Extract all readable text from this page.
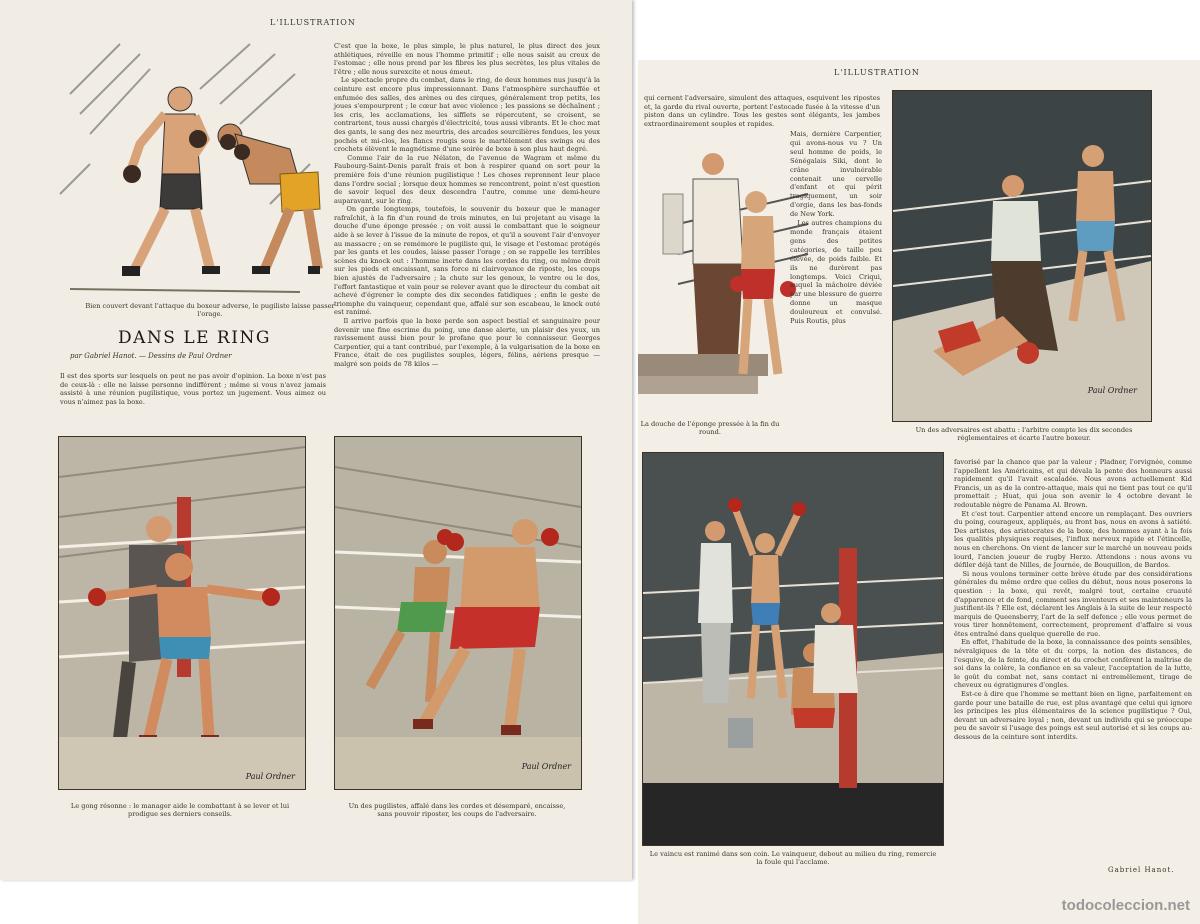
L'ILLUSTRATION
Bien couvert devant l'attaque du boxeur adverse, le pugiliste laisse passer l'orage.
DANS LE RING
par Gabriel Hanot. — Dessins de Paul Ordner
Il est des sports sur lesquels on peut ne pas avoir d'opinion. La boxe n'est pas de ceux-là : elle ne laisse personne indifférent ; même si vous n'avez jamais assisté à une réunion pugilistique, vous portez un jugement. Vous aimez ou vous n'aimez pas la boxe.
C'est que la boxe, le plus simple, le plus naturel, le plus direct des jeux athlétiques, réveille en nous l'homme primitif ; elle nous saisit au creux de l'estomac ; elle nous prend par les fibres les plus secrètes, les plus vitales de l'être ; elle nous surexcite et nous émeut.
Le spectacle propre du combat, dans le ring, de deux hommes nus jusqu'à la ceinture est encore plus impressionnant. Dans l'atmosphère surchauffée et enfumée des salles, des arènes ou des cirques, généralement trop petits, les joues s'empourprent ; le cœur bat avec violence ; les passions se déchaînent ; les cris, les acclamations, les sifflets se répercutent, se croisent, se contrarient, tous aussi chargés d'électricité, tous aussi vibrants. Et le choc mat des gants, le sang des nez meurtris, des arcades sourcilières fendues, les yeux pochés et mi-clos, les flancs rougis sous le martèlement des swings ou des crochets élèvent le magnétisme d'une soirée de boxe à son plus haut degré.
Comme l'air de la rue Nélaton, de l'avenue de Wagram et même du Faubourg-Saint-Denis paraît frais et bon à respirer quand on sort pour la première fois d'une réunion pugilistique ! Les choses reprennent leur place dans l'ordre social ; lorsque deux hommes se rencontrent, point n'est question de savoir lequel des deux descendra l'autre, comme une demi-heure auparavant, sur le ring.
On garde longtemps, toutefois, le souvenir du boxeur que le manager rafraîchit, à la fin d'un round de trois minutes, en lui projetant au visage la douche d'une éponge pressée ; on voit aussi le combattant que le soigneur aide à se lever à l'issue de la minute de repos, et qu'il a souvent l'air d'envoyer au massacre ; on se remémore le pugiliste qui, le visage et l'estomac protégés par les gants et les coudes, laisse passer l'orage ; on se rappelle les terribles scènes du knock out : l'homme inerte dans les cordes du ring, ou même droit sur les pieds et encaissant, sans force ni clairvoyance de riposte, les coups bien ajustés de l'adversaire ; la chute sur les genoux, le ventre ou le dos, l'effort fantastique et vain pour se relever avant que le directeur du combat ait achevé d'égrener le compte des dix secondes fatidiques ; enfin le geste de triomphe du vainqueur, cependant que, affalé sur son escabeau, le knock outé est ranimé.
Il arrive parfois que la boxe perde son aspect bestial et sanguinaire pour devenir une fine escrime du poing, une danse alerte, un plaisir des yeux, un ravissement aussi bien pour le profane que pour le connaisseur. Georges Carpentier, qui a tant contribué, par l'exemple, à la vulgarisation de la boxe en France, était de ces pugilistes souples, légers, félins, aériens presque — malgré son poids de 78 kilos —
Paul Ordner
Le gong résonne : le manager aide le combattant à se lever et lui prodigue ses derniers conseils.
Paul Ordner
Un des pugilistes, affalé dans les cordes et désemparé, encaisse, sans pouvoir riposter, les coups de l'adversaire.
L'ILLUSTRATION
qui cernent l'adversaire, simulent des attaques, esquivent les ripostes et, la garde du rival ouverte, portent l'estocade fusée à la vitesse d'un piston dans un cylindre. Tous les gestes sont élégants, les jambes extraordinairement souples et rapides.
La douche de l'éponge pressée à la fin du round.
Mais, dernière Carpentier, qui avons-nous vu ? Un seul homme de poids, le Sénégalais Siki, dont le crâne invulnérable contenait une cervelle d'enfant et qui périt tragiquement, un soir d'orgie, dans les bas-fonds de New York.
Les autres champions du monde français étaient gens des petites catégories, de taille peu élevée, de poids faible. Et ils ne durèrent pas longtemps. Voici Criqui, auquel la mâchoire déviée par une blessure de guerre donne un masque douloureux et convulsé. Puis Routis, plus
Paul Ordner
Un des adversaires est abattu : l'arbitre compte les dix secondes réglementaires et écarte l'autre boxeur.
Le vaincu est ranimé dans son coin. Le vainqueur, debout au milieu du ring, remercie la foule qui l'acclame.
favorisé par la chance que par la valeur ; Pladner, l'orvignée, comme l'appellent les Américains, et qui dévala la pente des honneurs aussi rapidement qu'il l'avait escaladée. Nous avons actuellement Kid Francis, un as de la contre-attaque, mais qui ne tient pas tout ce qu'il promettait ; Huat, qui joua son avenir le 4 octobre devant le redoutable nègre de Panama Al. Brown.
Et c'est tout. Carpentier attend encore un remplaçant. Des ouvriers du poing, courageux, appliqués, au front bas, nous en avons à satiété. Des artistes, des aristocrates de la boxe, des hommes ayant à la fois les qualités physiques requises, l'influx nerveux rapide et l'étincelle, nous en cherchons. On vient de lancer sur le marché un nouveau poids lourd, l'ancien joueur de rugby Herzo. Attendons : nous avons vu défiler déjà tant de Nilles, de Journée, de Bouquillon, de Bardos.
Si nous voulons terminer cette brève étude par des considérations générales du même ordre que celles du début, nous nous poserons la question : la boxe, qui revêt, malgré tout, certaine cruauté d'apparence et de fond, comment ses inventeurs et ses mainteneurs la justifient-ils ? Elle est, déclarent les Anglais à la suite de leur respecté marquis de Queensberry, l'art de la self defence ; elle vous permet de vous tirer honnêtement, correctement, proprement d'affaire si vous êtes entraîné dans quelque querelle de rue.
En effet, l'habitude de la boxe, la connaissance des points sensibles, névralgiques de la tête et du corps, la notion des distances, de l'esquive, de la feinte, du direct et du crochet confèrent la maîtrise de soi dans la colère, la confiance en sa valeur, l'acceptation de la lutte, le goût du combat net, sans contact ni entremêlement, tirage de cheveux ou égratignures d'ongles.
Est-ce à dire que l'homme se mettant bien en ligne, parfaitement en garde pour une bataille de rue, est plus avantagé que celui qui ignore les principes les plus élémentaires de la science pugilistique ? Oui, devant un adversaire loyal ; non, devant un individu qui se préoccupe peu de savoir si l'usage des poings est seul autorisé et si les coups au-dessous de la ceinture sont interdits.
Gabriel Hanot.
todocoleccion.net
